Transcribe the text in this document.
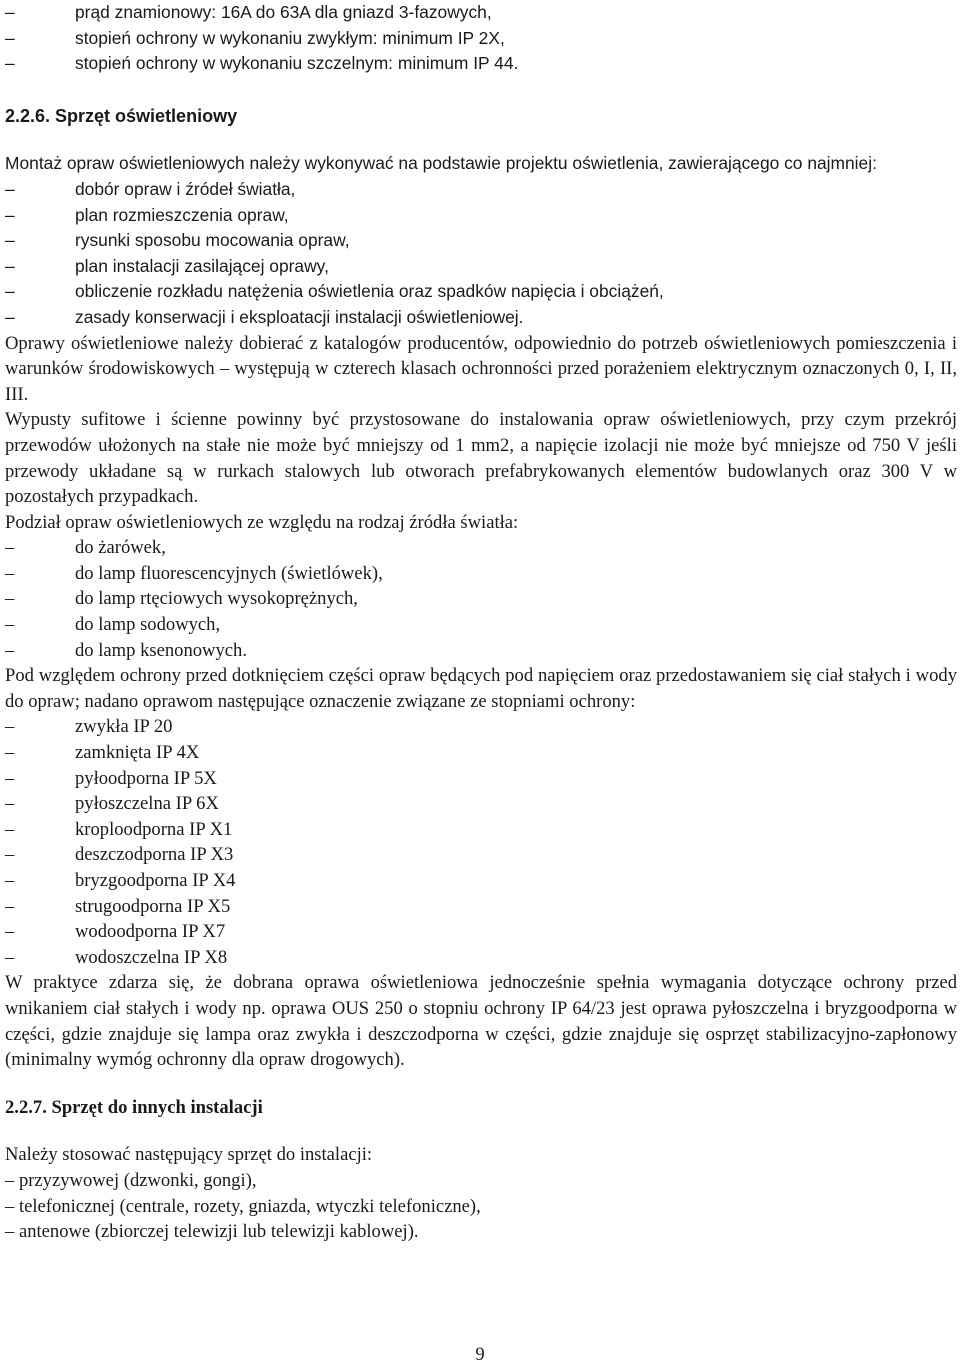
– prąd znamionowy: 16A do 63A dla gniazd 3-fazowych,
– stopień ochrony w wykonaniu zwykłym: minimum IP 2X,
– stopień ochrony w wykonaniu szczelnym: minimum IP 44.
2.2.6. Sprzęt oświetleniowy

Montaż opraw oświetleniowych należy wykonywać na podstawie projektu oświetlenia, zawierającego co najmniej:

– dobór opraw i źródeł światła,
– plan rozmieszczenia opraw,
– rysunki sposobu mocowania opraw,
– plan instalacji zasilającej oprawy,
– obliczenie rozkładu natężenia oświetlenia oraz spadków napięcia i obciążeń,
– zasady konserwacji i eksploatacji instalacji oświetleniowej.

Oprawy oświetleniowe należy dobierać z katalogów producentów, odpowiednio do potrzeb oświetleniowych pomieszczenia i warunków środowiskowych – występują w czterech klasach ochronności przed porażeniem elektrycznym oznaczonych 0, I, II, III.

Wypusty sufitowe i ścienne powinny być przystosowane do instalowania opraw oświetleniowych, przy czym przekrój przewodów ułożonych na stałe nie może być mniejszy od 1 mm2, a napięcie izolacji nie może być mniejsze od 750 V jeśli przewody układane są w rurkach stalowych lub otworach prefabrykowanych elementów budowlanych oraz 300 V w pozostałych przypadkach.

Podział opraw oświetleniowych ze względu na rodzaj źródła światła:

– do żarówek,
– do lamp fluorescencyjnych (świetlówek),
– do lamp rtęciowych wysokoprężnych,
– do lamp sodowych,
– do lamp ksenonowych.

Pod względem ochrony przed dotknięciem części opraw będących pod napięciem oraz przedostawaniem się ciał stałych i wody do opraw; nadano oprawom następujące oznaczenie związane ze stopniami ochrony:

– zwykła IP 20
– zamknięta IP 4X
– pyłoodporna IP 5X
– pyłoszczelna IP 6X
– kroploodporna IP X1
– deszczodporna IP X3
– bryzgoodporna IP X4
– strugoodporna IP X5
– wodoodporna IP X7
– wodoszczelna IP X8

W praktyce zdarza się, że dobrana oprawa oświetleniowa jednocześnie spełnia wymagania dotyczące ochrony przed wnikaniem ciał stałych i wody np. oprawa OUS 250 o stopniu ochrony IP 64/23 jest oprawa pyłoszczelna i bryzgoodporna w części, gdzie znajduje się lampa oraz zwykła i deszczodporna w części, gdzie znajduje się osprzęt stabilizacyjno-zapłonowy (minimalny wymóg ochronny dla opraw drogowych).

2.2.7. Sprzęt do innych instalacji

Należy stosować następujący sprzęt do instalacji:

– przyzywowej (dzwonki, gongi),
– telefonicznej (centrale, rozety, gniazda, wtyczki telefoniczne),
– antenowe (zbiorczej telewizji lub telewizji kablowej).
9
